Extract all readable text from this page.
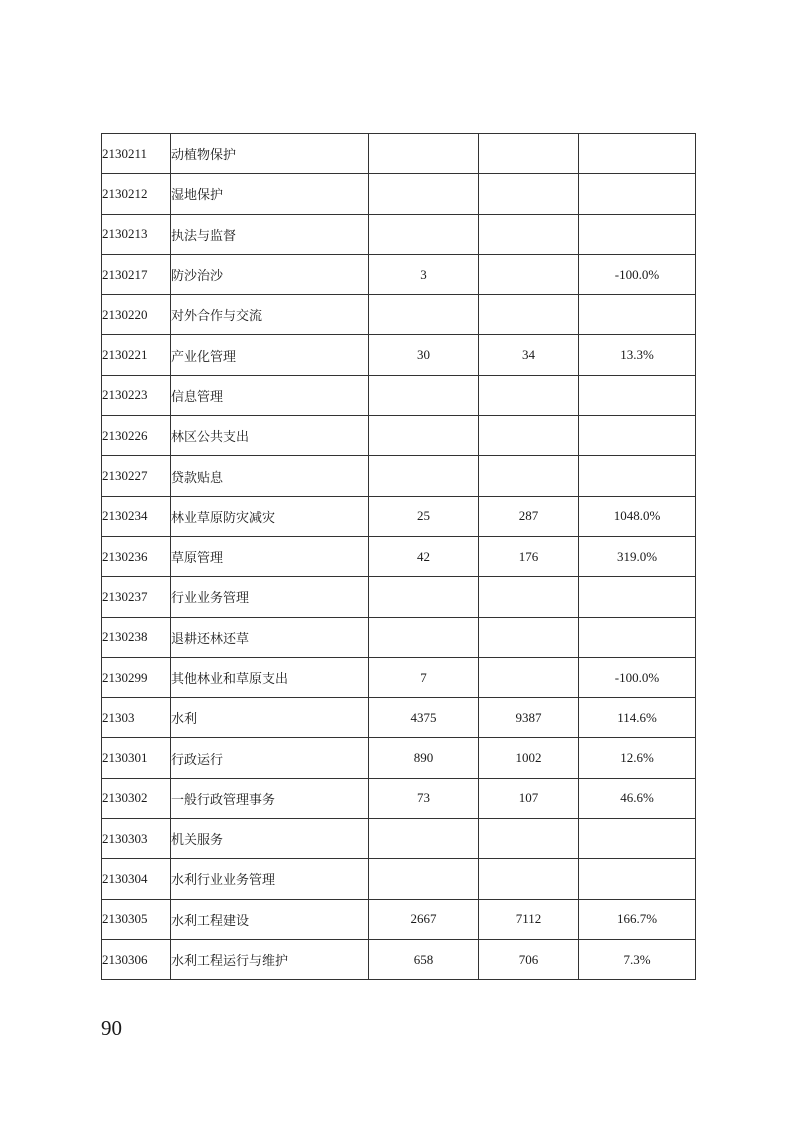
2130211	动植物保护			
2130212	湿地保护			
2130213	执法与监督			
2130217	防沙治沙	3		-100.0%
2130220	对外合作与交流			
2130221	产业化管理	30	34	13.3%
2130223	信息管理			
2130226	林区公共支出			
2130227	贷款贴息			
2130234	林业草原防灾减灾	25	287	1048.0%
2130236	草原管理	42	176	319.0%
2130237	行业业务管理			
2130238	退耕还林还草			
2130299	其他林业和草原支出	7		-100.0%
21303	水利	4375	9387	114.6%
2130301	行政运行	890	1002	12.6%
2130302	一般行政管理事务	73	107	46.6%
2130303	机关服务			
2130304	水利行业业务管理			
2130305	水利工程建设	2667	7112	166.7%
2130306	水利工程运行与维护	658	706	7.3%
90
